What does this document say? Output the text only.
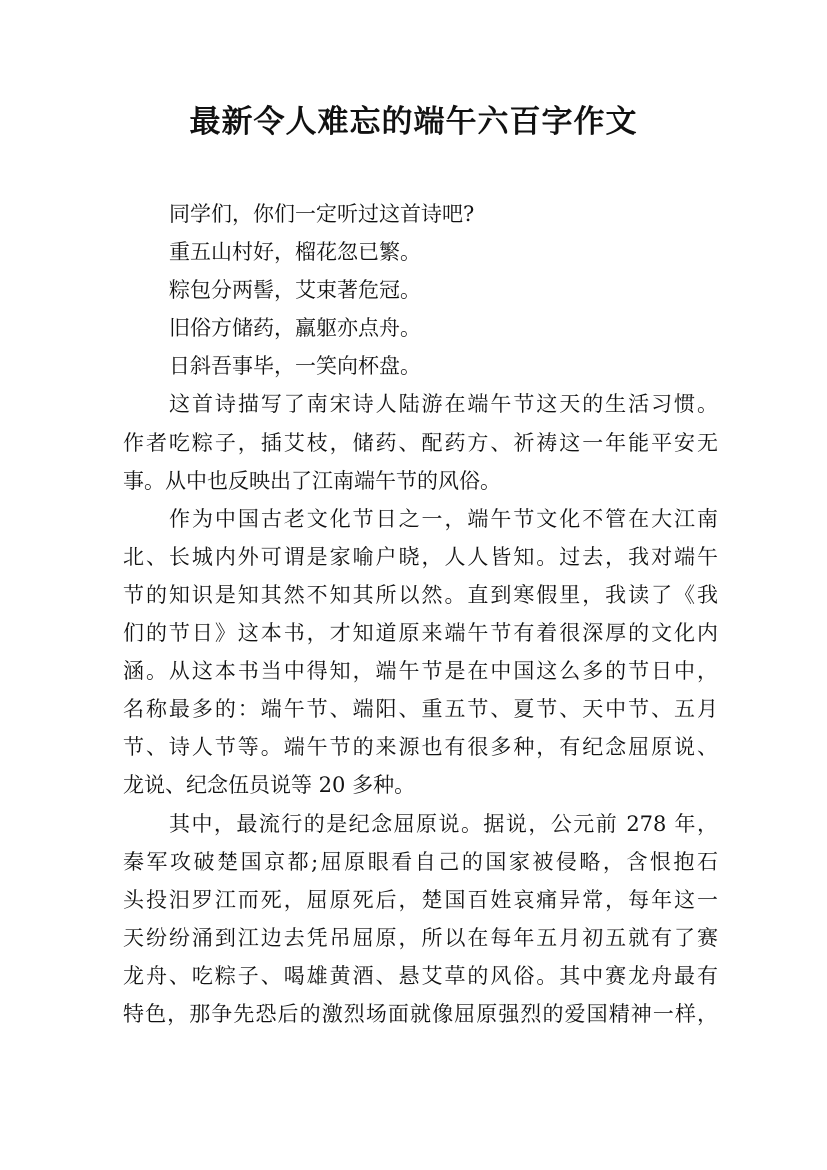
最新令人难忘的端午六百字作文
同学们，你们一定听过这首诗吧?
重五山村好，榴花忽已繁。
粽包分两髻，艾束著危冠。
旧俗方储药，羸躯亦点舟。
日斜吾事毕，一笑向杯盘。
这首诗描写了南宋诗人陆游在端午节这天的生活习惯。
作者吃粽子，插艾枝，储药、配药方、祈祷这一年能平安无
事。从中也反映出了江南端午节的风俗。
作为中国古老文化节日之一，端午节文化不管在大江南
北、长城内外可谓是家喻户晓，人人皆知。过去，我对端午
节的知识是知其然不知其所以然。直到寒假里，我读了《我
们的节日》这本书，才知道原来端午节有着很深厚的文化内
涵。从这本书当中得知，端午节是在中国这么多的节日中，
名称最多的：端午节、端阳、重五节、夏节、天中节、五月
节、诗人节等。端午节的来源也有很多种，有纪念屈原说、
龙说、纪念伍员说等 20 多种。
其中，最流行的是纪念屈原说。据说，公元前 278 年，
秦军攻破楚国京都;屈原眼看自己的国家被侵略，含恨抱石
头投汨罗江而死，屈原死后，楚国百姓哀痛异常，每年这一
天纷纷涌到江边去凭吊屈原，所以在每年五月初五就有了赛
龙舟、吃粽子、喝雄黄酒、悬艾草的风俗。其中赛龙舟最有
特色，那争先恐后的激烈场面就像屈原强烈的爱国精神一样，
